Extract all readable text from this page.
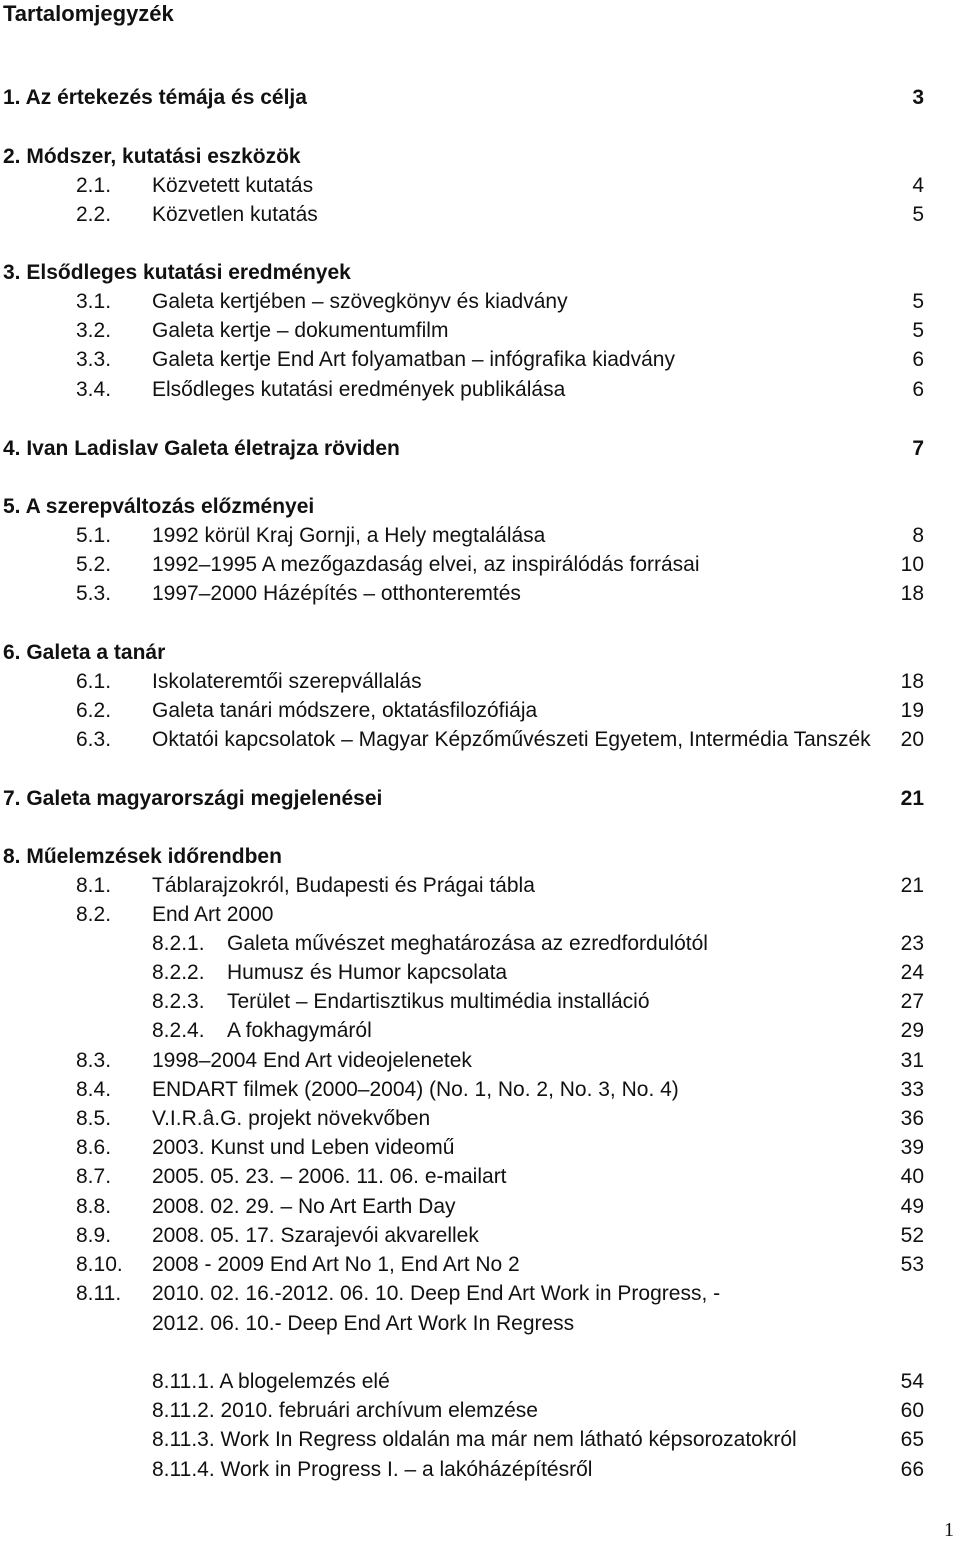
Tartalomjegyzék
1. Az értekezés témája és célja	3
2. Módszer, kutatási eszközök
2.1. Közvetett kutatás	4
2.2. Közvetlen kutatás	5
3. Elsődleges kutatási eredmények
3.1. Galeta kertjében – szövegkönyv és kiadvány	5
3.2. Galeta kertje – dokumentumfilm	5
3.3. Galeta kertje End Art folyamatban – infógrafika kiadvány	6
3.4. Elsődleges kutatási eredmények publikálása	6
4. Ivan Ladislav Galeta életrajza röviden	7
5. A szerepváltozás előzményei
5.1. 1992 körül Kraj Gornji, a Hely megtalálása	8
5.2. 1992–1995 A mezőgazdaság elvei, az inspirálódás forrásai	10
5.3. 1997–2000 Házépítés – otthonteremtés	18
6. Galeta a tanár
6.1. Iskolateremtői szerepvállalás	18
6.2. Galeta tanári módszere, oktatásfilozófiája	19
6.3. Oktatói kapcsolatok – Magyar Képzőművészeti Egyetem, Intermédia Tanszék	20
7. Galeta magyarországi megjelenései	21
8. Műelemzések időrendben
8.1. Táblarajzokról, Budapesti és Prágai tábla	21
8.2. End Art 2000
8.2.1. Galeta művészet meghatározása az ezredfordulótól	23
8.2.2. Humusz és Humor kapcsolata	24
8.2.3. Terület – Endartisztikus multimédia installáció	27
8.2.4. A fokhagymáról	29
8.3. 1998–2004 End Art videojelenetek	31
8.4. ENDART filmek (2000–2004) (No. 1, No. 2, No. 3, No. 4)	33
8.5. V.I.R.â.G. projekt növekvőben	36
8.6. 2003. Kunst und Leben videomű	39
8.7. 2005. 05. 23. – 2006. 11. 06. e-mailart	40
8.8. 2008. 02. 29. – No Art Earth Day	49
8.9. 2008. 05. 17. Szarajevói akvarellek	52
8.10. 2008 - 2009 End Art No 1, End Art No 2	53
8.11. 2010. 02. 16.-2012. 06. 10. Deep End Art Work in Progress, -
2012. 06. 10.- Deep End Art Work In Regress
8.11.1. A blogelemzés elé	54
8.11.2. 2010. februári archívum elemzése	60
8.11.3. Work In Regress oldalán ma már nem látható képsorozatokról	65
8.11.4. Work in Progress I. – a lakóházépítésről	66
1
